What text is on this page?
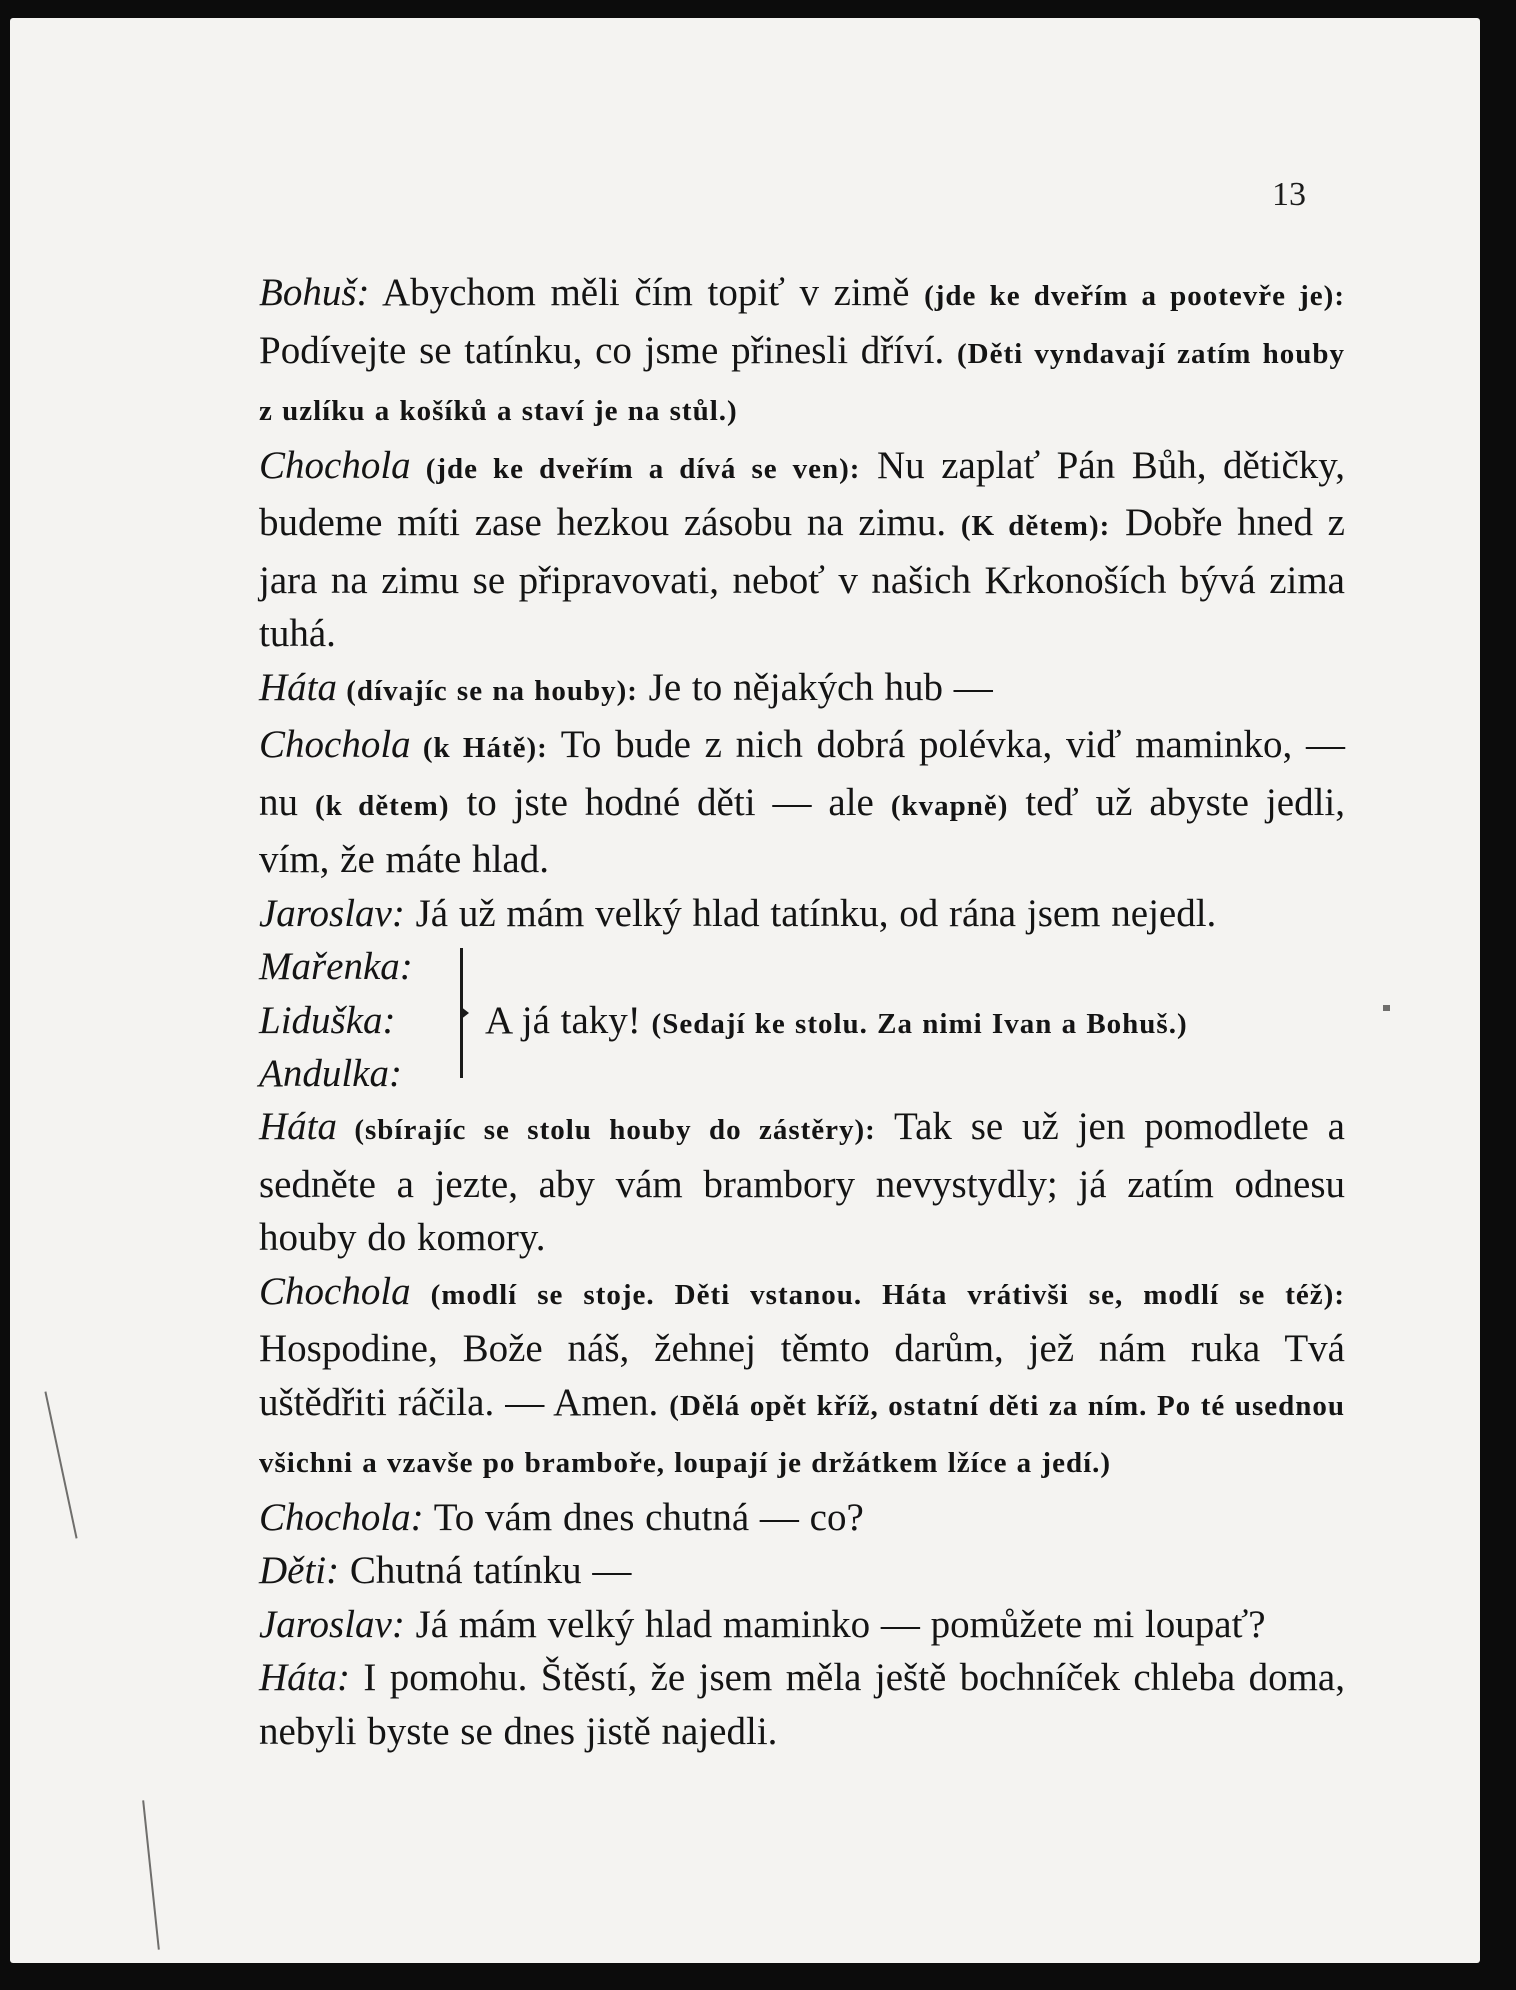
13

Bohuš: Abychom měli čím topiť v zimě (jde ke dveřím a pootevře je): Podívejte se tatínku, co jsme přinesli dříví. (Děti vyndavají zatím houby z uzlíku a košíků a staví je na stůl.)

Chochola (jde ke dveřím a dívá se ven): Nu zaplať Pán Bůh, dětičky, budeme míti zase hezkou zásobu na zimu. (K dětem): Dobře hned z jara na zimu se připravovati, neboť v našich Krkonoších bývá zima tuhá.

Háta (dívajíc se na houby): Je to nějakých hub —

Chochola (k Hátě): To bude z nich dobrá polévka, viď maminko, — nu (k dětem) to jste hodné děti — ale (kvapně) teď už abyste jedli, vím, že máte hlad.

Jaroslav: Já už mám velký hlad tatínku, od rána jsem nejedl.

Mařenka:
Liduška:
Andulka:
A já taky! (Sedají ke stolu. Za nimi Ivan a Bohuš.)

Háta (sbírajíc se stolu houby do zástěry): Tak se už jen pomodlete a sedněte a jezte, aby vám brambory nevystydly; já zatím odnesu houby do komory.

Chochola (modlí se stoje. Děti vstanou. Háta vrátivši se, modlí se též): Hospodine, Bože náš, žehnej těmto darům, jež nám ruka Tvá uštědřiti ráčila. — Amen. (Dělá opět kříž, ostatní děti za ním. Po té usednou všichni a vzavše po bramboře, loupají je držátkem lžíce a jedí.)

Chochola: To vám dnes chutná — co?

Děti: Chutná tatínku —

Jaroslav: Já mám velký hlad maminko — pomůžete mi loupať?

Háta: I pomohu. Štěstí, že jsem měla ještě bochníček chleba doma, nebyli byste se dnes jistě najedli.
